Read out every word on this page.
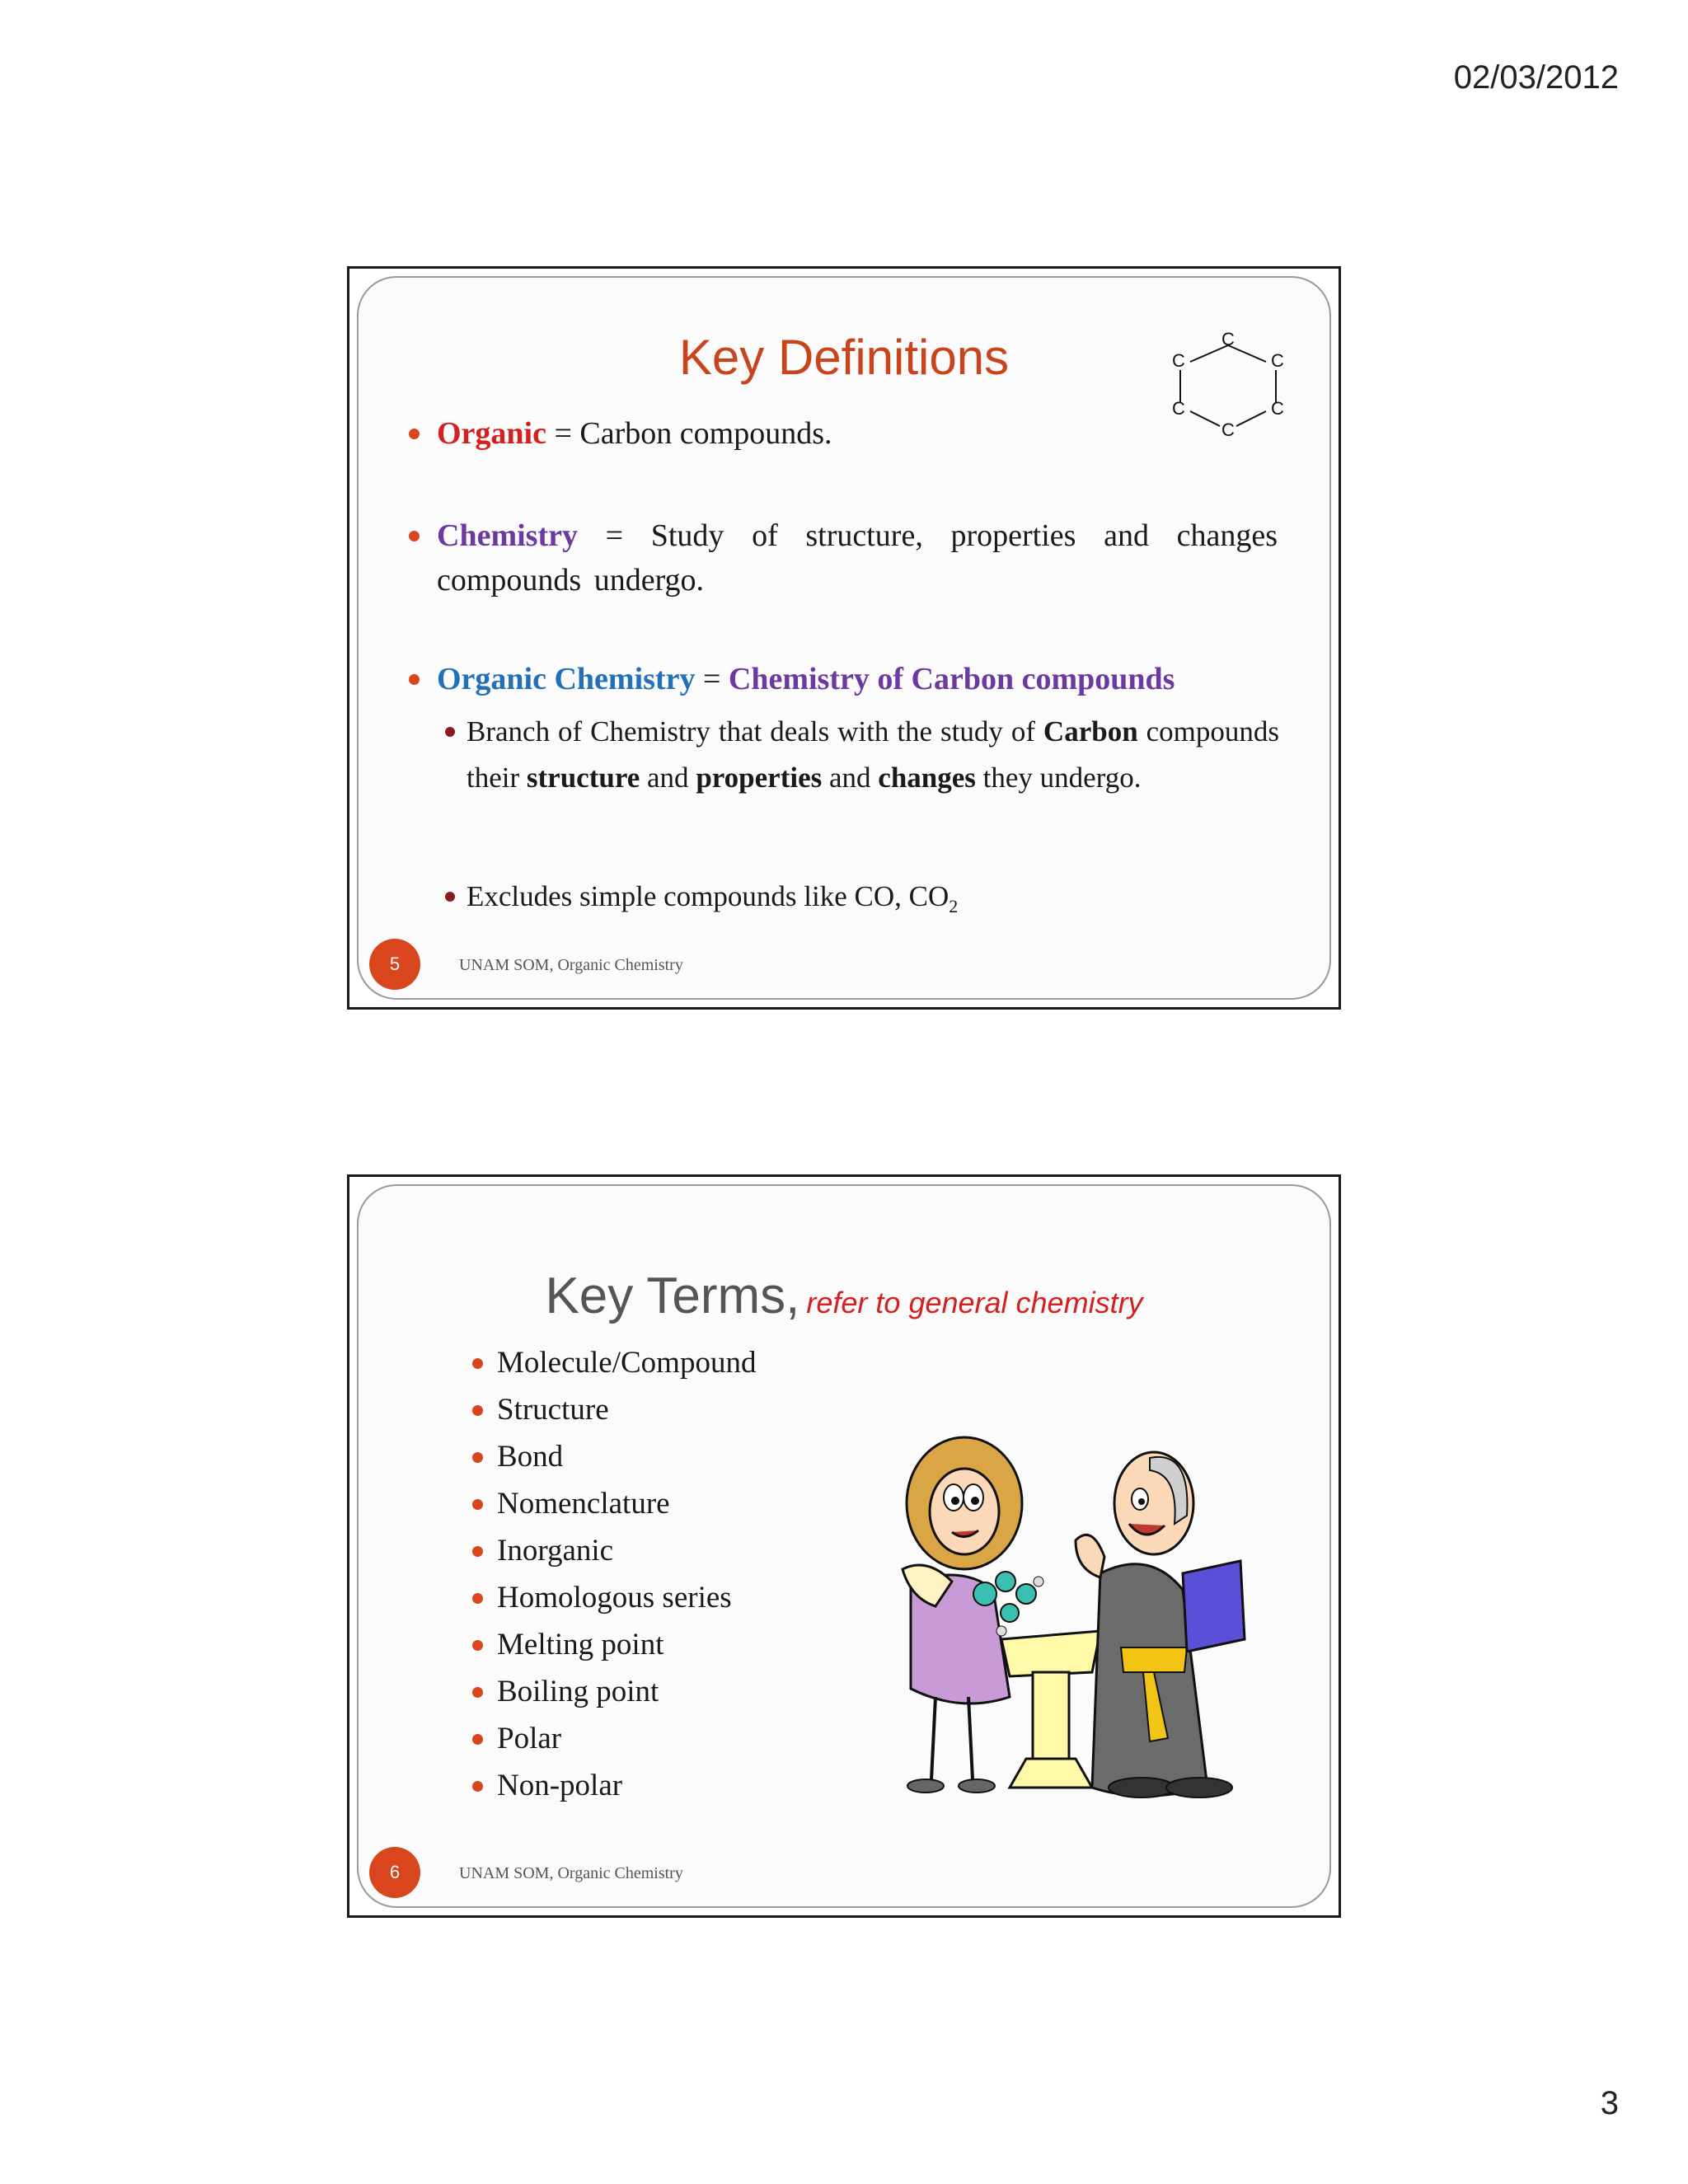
02/03/2012
Key Definitions	C
C
C
C
C
C
Organic = Carbon compounds.
Chemistry = Study of structure, properties and changes compounds undergo.
Organic Chemistry = Chemistry of Carbon compounds
Branch of Chemistry that deals with the study of Carbon compounds their structure and properties and changes they undergo.
Excludes simple compounds like CO, $CO_2$
5	UNAM SOM, Organic Chemistry
Key Terms, refer to general chemistry
Molecule/Compound
Structure
Bond
Nomenclature
Inorganic
Homologous series
Melting point
Boiling point
Polar
Non-polar
6	UNAM SOM, Organic Chemistry
3
